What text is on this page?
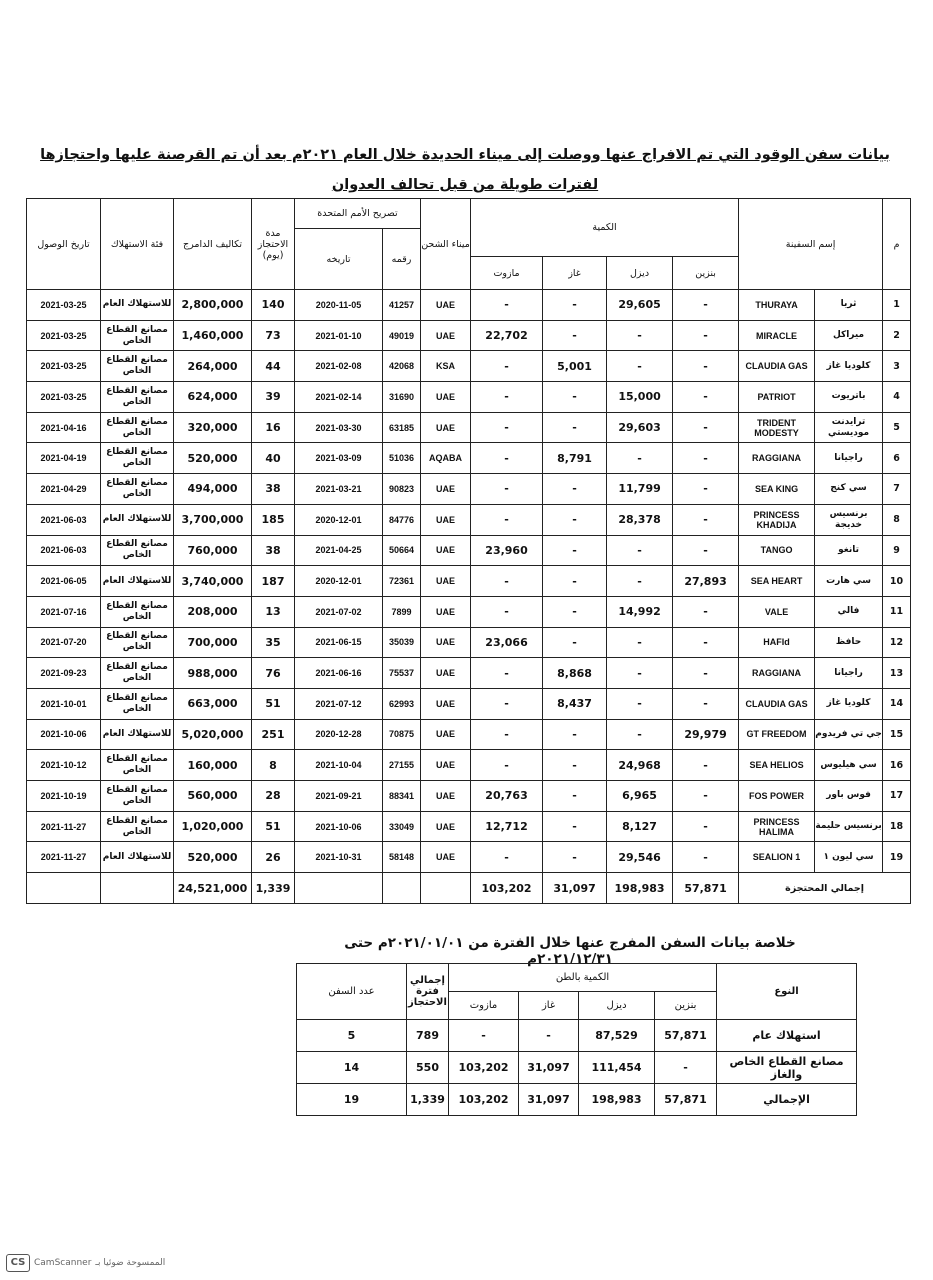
بيانات سفن الوقود التي تم الافراج عنها ووصلت إلى ميناء الحديدة خلال العام ٢٠٢١م بعد أن تم القرصنة عليها واحتجازها لفترات طويلة من قبل تحالف العدوان
م	إسم السفينة		الكمية				ميناء الشحن	تصريح الأمم المتحدة		مدة الاحتجاز (يوم)	تكاليف الدامرج	فئة الاستهلاك	تاريخ الوصول
								رقمه	تاريخه				
			بنزين	ديزل	غاز	مازوت							
1	ثريا	THURAYA	-	29,605	-	-	UAE	41257	2020-11-05	140	2,800,000	للاستهلاك العام	2021-03-25
2	ميراكل	MIRACLE	-	-	-	22,702	UAE	49019	2021-01-10	73	1,460,000	مصانع القطاع الخاص	2021-03-25
3	كلوديا غاز	CLAUDIA GAS	-	-	5,001	-	KSA	42068	2021-02-08	44	264,000	مصانع القطاع الخاص	2021-03-25
4	باتريوت	PATRIOT	-	15,000	-	-	UAE	31690	2021-02-14	39	624,000	مصانع القطاع الخاص	2021-03-25
5	ترايدنت موديستي	TRIDENT MODESTY	-	29,603	-	-	UAE	63185	2021-03-30	16	320,000	مصانع القطاع الخاص	2021-04-16
6	راجيانا	RAGGIANA	-	-	8,791	-	AQABA	51036	2021-03-09	40	520,000	مصانع القطاع الخاص	2021-04-19
7	سي كنج	SEA KING	-	11,799	-	-	UAE	90823	2021-03-21	38	494,000	مصانع القطاع الخاص	2021-04-29
8	برنسيس خديجة	PRINCESS KHADIJA	-	28,378	-	-	UAE	84776	2020-12-01	185	3,700,000	للاستهلاك العام	2021-06-03
9	تانغو	TANGO	-	-	-	23,960	UAE	50664	2021-04-25	38	760,000	مصانع القطاع الخاص	2021-06-03
10	سي هارت	SEA HEART	27,893	-	-	-	UAE	72361	2020-12-01	187	3,740,000	للاستهلاك العام	2021-06-05
11	فالي	VALE	-	14,992	-	-	UAE	7899	2021-07-02	13	208,000	مصانع القطاع الخاص	2021-07-16
12	حافظ	HAFId	-	-	-	23,066	UAE	35039	2021-06-15	35	700,000	مصانع القطاع الخاص	2021-07-20
13	راجيانا	RAGGIANA	-	-	8,868	-	UAE	75537	2021-06-16	76	988,000	مصانع القطاع الخاص	2021-09-23
14	كلوديا غاز	CLAUDIA GAS	-	-	8,437	-	UAE	62993	2021-07-12	51	663,000	مصانع القطاع الخاص	2021-10-01
15	جي تي فريدوم	GT FREEDOM	29,979	-	-	-	UAE	70875	2020-12-28	251	5,020,000	للاستهلاك العام	2021-10-06
16	سي هيليوس	SEA HELIOS	-	24,968	-	-	UAE	27155	2021-10-04	8	160,000	مصانع القطاع الخاص	2021-10-12
17	فوس باور	FOS POWER	-	6,965	-	20,763	UAE	88341	2021-09-21	28	560,000	مصانع القطاع الخاص	2021-10-19
18	برنسيس حليمة	PRINCESS HALIMA	-	8,127	-	12,712	UAE	33049	2021-10-06	51	1,020,000	مصانع القطاع الخاص	2021-11-27
19	سي ليون ١	SEALION 1	-	29,546	-	-	UAE	58148	2021-10-31	26	520,000	للاستهلاك العام	2021-11-27
إجمالي المحتجزة			57,871	198,983	31,097	103,202				1,339	24,521,000		
خلاصة بيانات السفن المفرج عنها خلال الفترة من ٢٠٢١/٠١/٠١م حتى ٢٠٢١/١٢/٣١م
النوع	الكمية بالطن				إجمالي فترة الاحتجاز	عدد السفن
	بنزين	ديزل	غاز	مازوت		
استهلاك عام	57,871	87,529	-	-	789	5
مصانع القطاع الخاص والغاز	-	111,454	31,097	103,202	550	14
الإجمالي	57,871	198,983	31,097	103,202	1,339	19
CS CamScanner الممسوحة ضوئيا بـ
